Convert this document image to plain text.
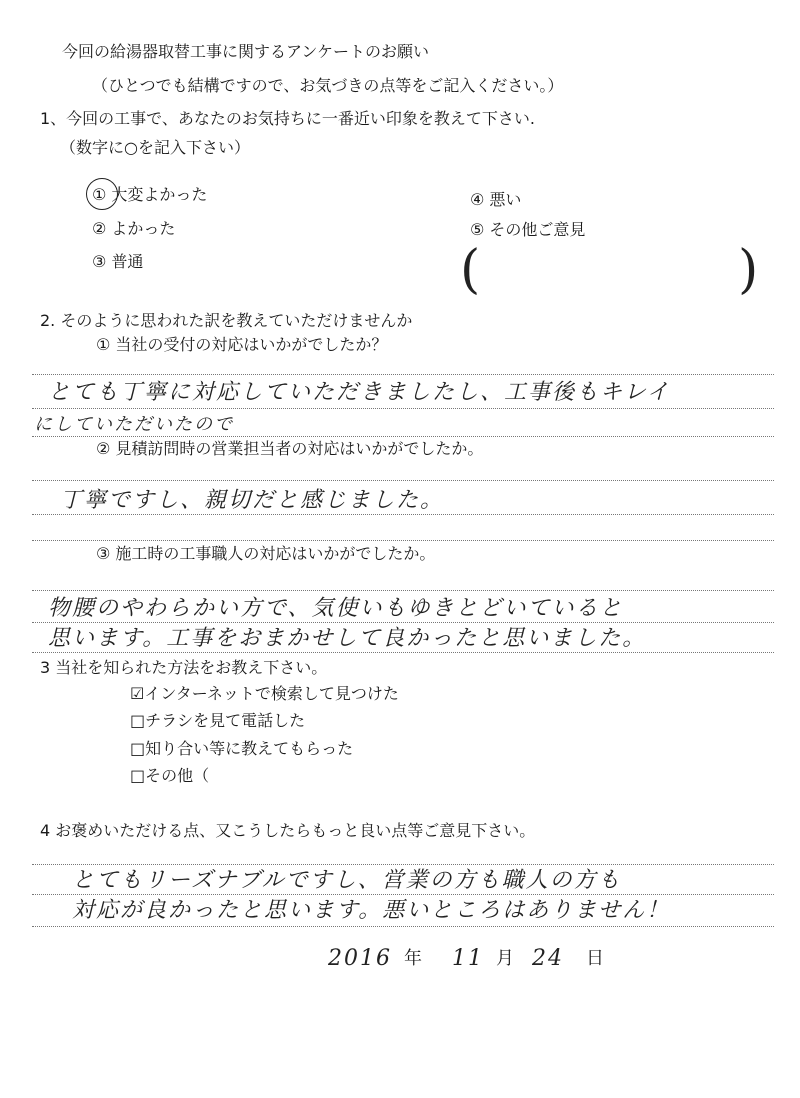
今回の給湯器取替工事に関するアンケートのお願い
（ひとつでも結構ですので、お気づきの点等をご記入ください。）
1、今回の工事で、あなたのお気持ちに一番近い印象を教えて下さい.
（数字に○を記入下さい）
① 大変よかった
② よかった
③ 普通
④ 悪い
⑤ その他ご意見
(	)
2. そのように思われた訳を教えていただけませんか
① 当社の受付の対応はいかがでしたか？
とても丁寧に対応していただきましたし、工事後もキレイ
にしていただいたので
② 見積訪問時の営業担当者の対応はいかがでしたか。
丁寧ですし、親切だと感じました。
③ 施工時の工事職人の対応はいかがでしたか。
物腰のやわらかい方で、気使いもゆきとどいていると
思います。工事をおまかせして良かったと思いました。
3 当社を知られた方法をお教え下さい。
☑インターネットで検索して見つけた
□チラシを見て電話した
□知り合い等に教えてもらった
□その他（
4 お褒めいただける点、又こうしたらもっと良い点等ご意見下さい。
とてもリーズナブルですし、営業の方も職人の方も
対応が良かったと思います。悪いところはありません！
2016 年 11 月 24 日
